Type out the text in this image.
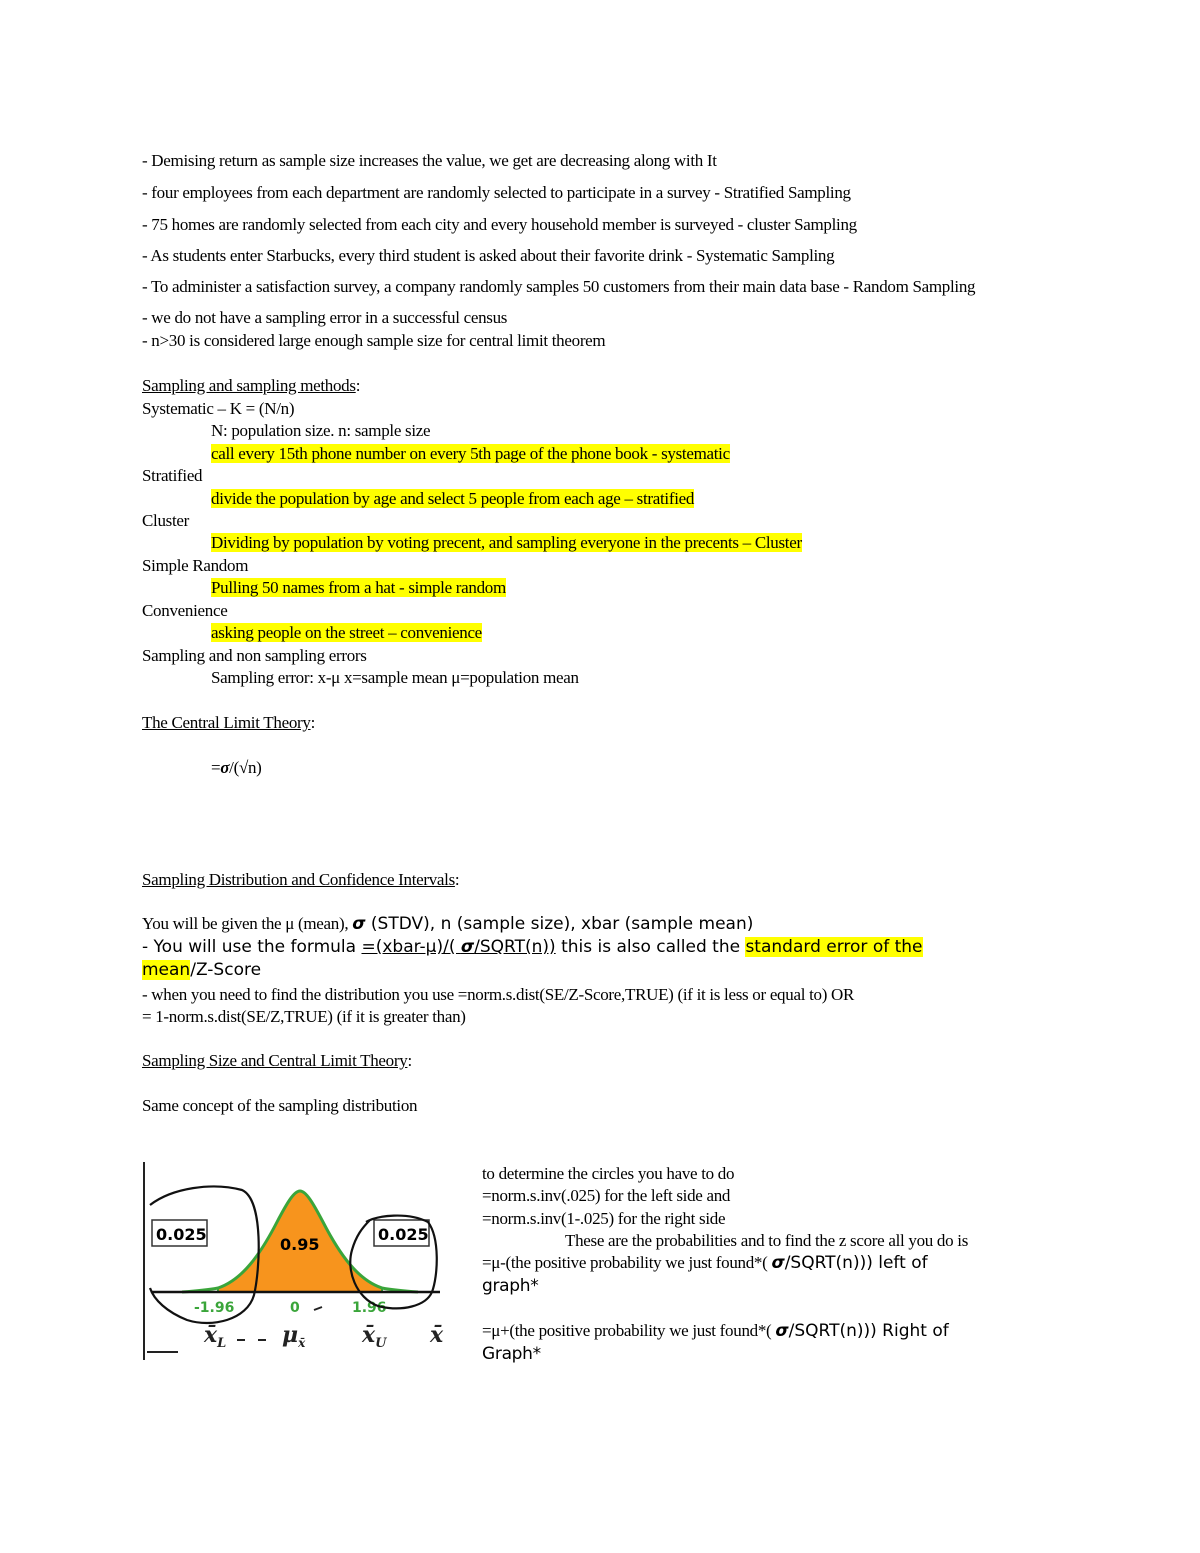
- Demising return as sample size increases the value, we get are decreasing along with It
- four employees from each department are randomly selected to participate in a survey - Stratified Sampling
- 75 homes are randomly selected from each city and every household member is surveyed - cluster Sampling
- As students enter Starbucks, every third student is asked about their favorite drink - Systematic Sampling
- To administer a satisfaction survey, a company randomly samples 50 customers from their main data base - Random Sampling
- we do not have a sampling error in a successful census
- n>30 is considered large enough sample size for central limit theorem
Sampling and sampling methods:
Systematic – K = (N/n)
N: population size. n: sample size
call every 15th phone number on every 5th page of the phone book - systematic
Stratified
divide the population by age and select 5 people from each age – stratified
Cluster
Dividing by population by voting precent, and sampling everyone in the precents – Cluster
Simple Random
Pulling 50 names from a hat - simple random
Convenience
asking people on the street – convenience
Sampling and non sampling errors
Sampling error: x-μ x=sample mean μ=population mean
The Central Limit Theory:
=σ/(√n)
Sampling Distribution and Confidence Intervals:
You will be given the μ (mean), σ (STDV), n (sample size), xbar (sample mean)
- You will use the formula =(xbar-μ)/( σ/SQRT(n)) this is also called the standard error of the
mean/Z-Score
- when you need to find the distribution you use =norm.s.dist(SE/Z-Score,TRUE) (if it is less or equal to) OR
= 1-norm.s.dist(SE/Z,TRUE) (if it is greater than)
Sampling Size and Central Limit Theory:
Same concept of the sampling distribution
to determine the circles you have to do
=norm.s.inv(.025) for the left side and
=norm.s.inv(1-.025) for the right side
These are the probabilities and to find the z score all you do is
=μ-(the positive probability we just found*( σ/SQRT(n))) left of
graph*
=μ+(the positive probability we just found*( σ/SQRT(n))) Right of
Graph*
0.025	0.025
0.95
-1.96	0	1.96
$x̄_L$	$\mu_{x̄}$	$x̄_U$ x̄
